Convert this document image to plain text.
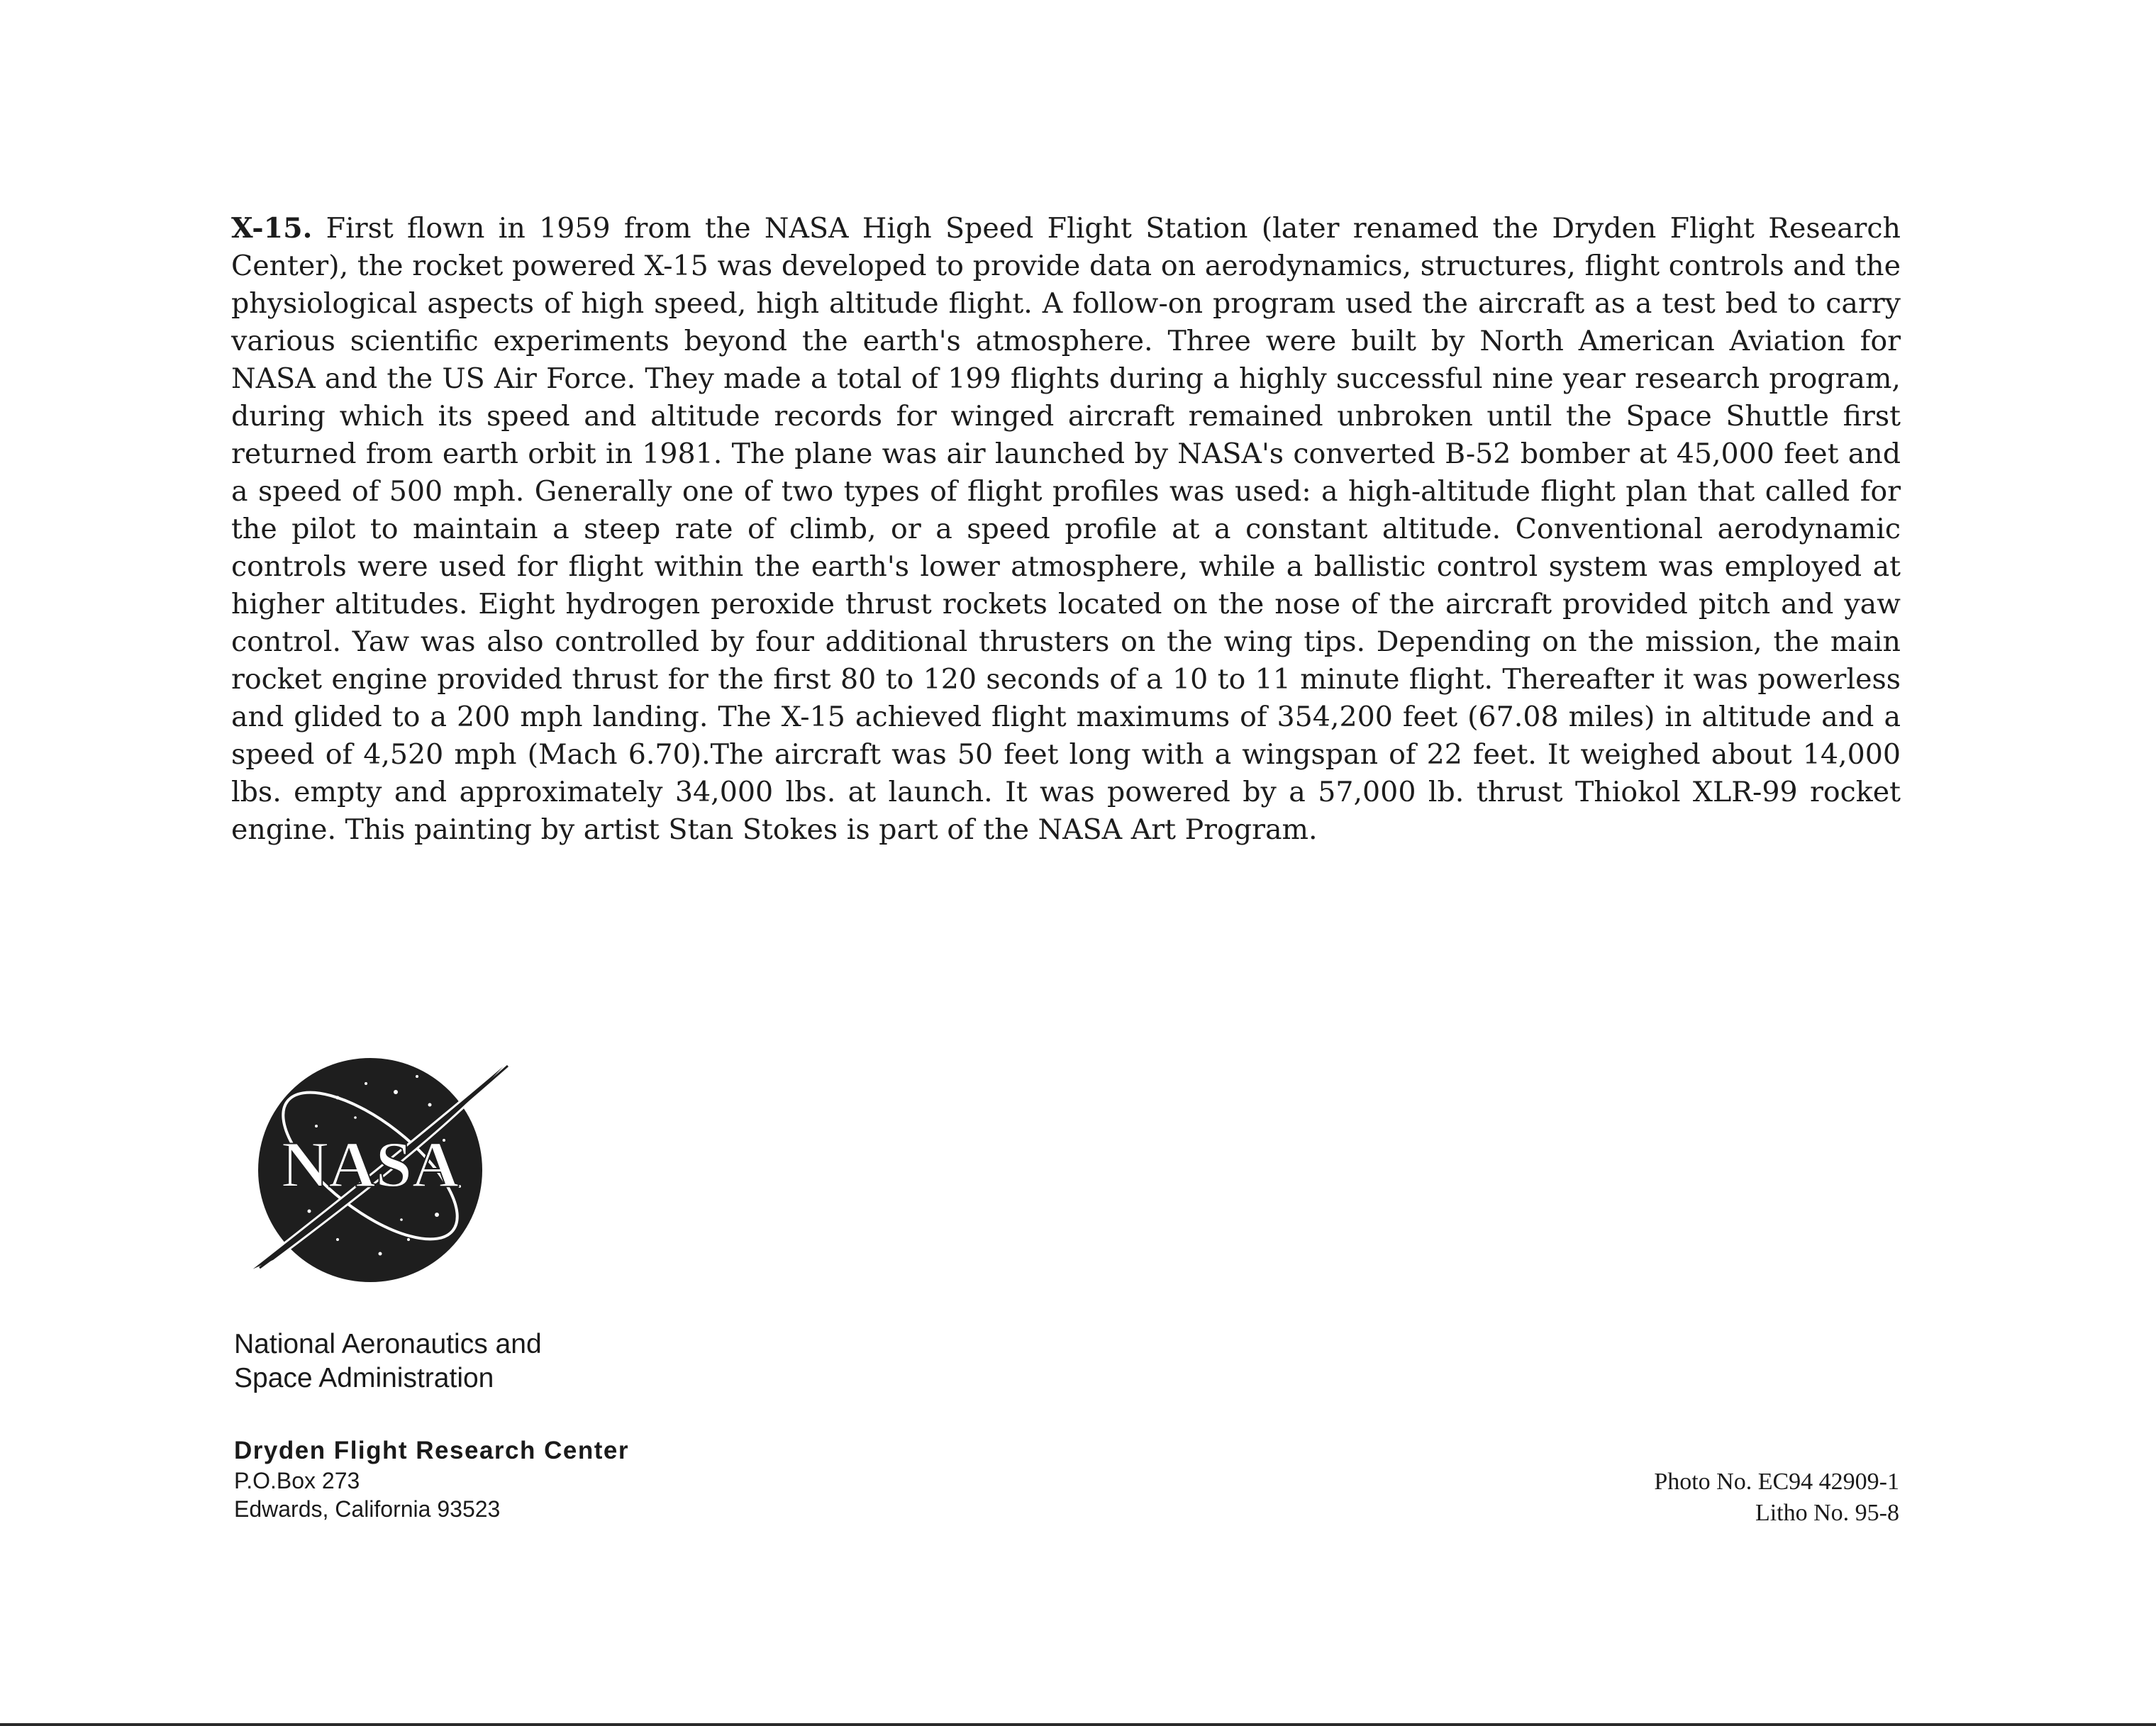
X-15. First flown in 1959 from the NASA High Speed Flight Station (later renamed the Dryden Flight Research Center), the rocket powered X-15 was developed to provide data on aerodynamics, structures, flight controls and the physiological aspects of high speed, high altitude flight. A follow-on program used the aircraft as a test bed to carry various scientific experiments beyond the earth's atmosphere. Three were built by North American Aviation for NASA and the US Air Force. They made a total of 199 flights during a highly successful nine year research program, during which its speed and altitude records for winged aircraft remained unbroken until the Space Shuttle first returned from earth orbit in 1981. The plane was air launched by NASA's converted B-52 bomber at 45,000 feet and a speed of 500 mph. Generally one of two types of flight profiles was used: a high-altitude flight plan that called for the pilot to maintain a steep rate of climb, or a speed profile at a constant altitude. Conventional aerodynamic controls were used for flight within the earth's lower atmosphere, while a ballistic control system was employed at higher altitudes. Eight hydrogen peroxide thrust rockets located on the nose of the aircraft provided pitch and yaw control. Yaw was also controlled by four additional thrusters on the wing tips. Depending on the mission, the main rocket engine provided thrust for the first 80 to 120 seconds of a 10 to 11 minute flight. Thereafter it was powerless and glided to a 200 mph landing. The X-15 achieved flight maximums of 354,200 feet (67.08 miles) in altitude and a speed of 4,520 mph (Mach 6.70).The aircraft was 50 feet long with a wingspan of 22 feet. It weighed about 14,000 lbs. empty and approximately 34,000 lbs. at launch. It was powered by a 57,000 lb. thrust Thiokol XLR-99 rocket engine. This painting by artist Stan Stokes is part of the NASA Art Program.

NASA
National Aeronautics and
Space Administration
Dryden Flight Research Center
P.O.Box 273
Edwards, California 93523
Photo No. EC94 42909-1
Litho No. 95-8
